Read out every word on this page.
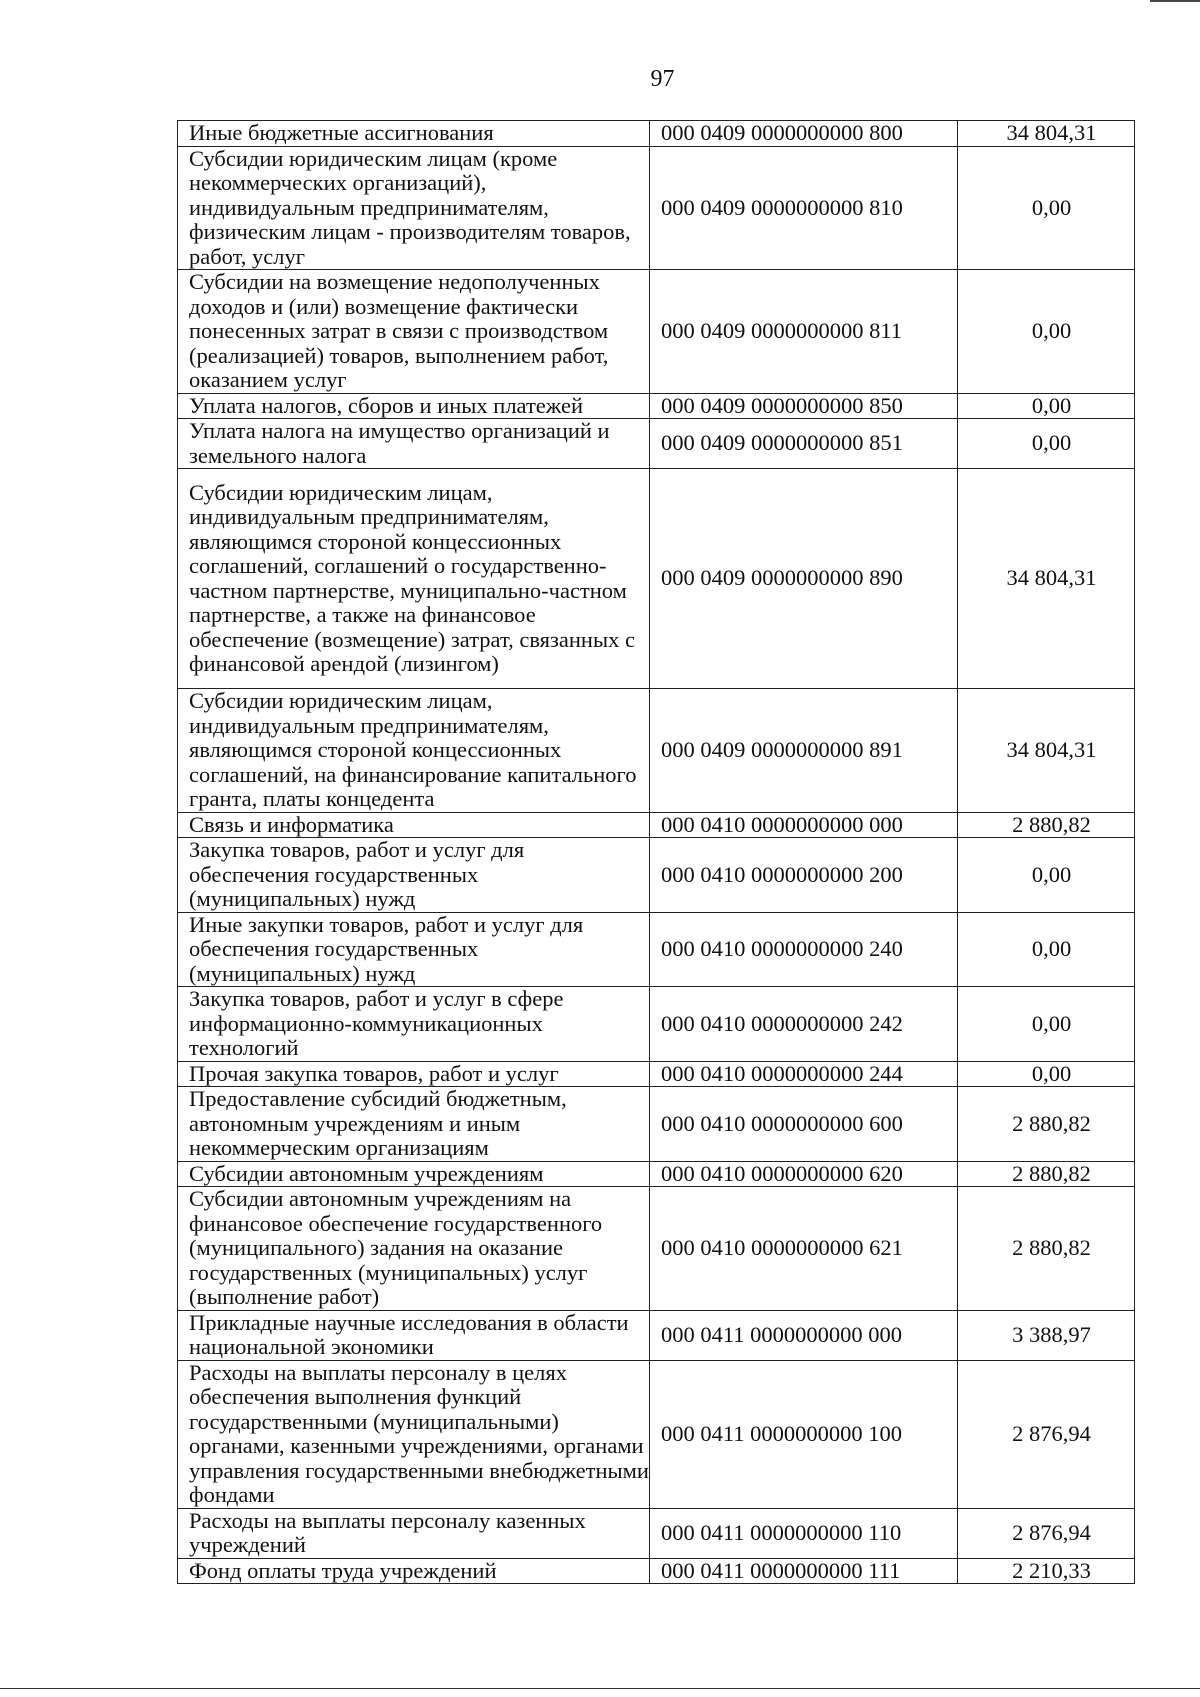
97
Иные бюджетные ассигнования	000 0409 0000000000 800	34 804,31
Субсидии юридическим лицам (кроме некоммерческих организаций), индивидуальным предпринимателям, физическим лицам - производителям товаров, работ, услуг	000 0409 0000000000 810	0,00
Субсидии на возмещение недополученных доходов и (или) возмещение фактически понесенных затрат в связи с производством (реализацией) товаров, выполнением работ, оказанием услуг	000 0409 0000000000 811	0,00
Уплата налогов, сборов и иных платежей	000 0409 0000000000 850	0,00
Уплата налога на имущество организаций и земельного налога	000 0409 0000000000 851	0,00
Субсидии юридическим лицам, индивидуальным предпринимателям, являющимся стороной концессионных соглашений, соглашений о государственно-частном партнерстве, муниципально-частном партнерстве, а также на финансовое обеспечение (возмещение) затрат, связанных с финансовой арендой (лизингом)	000 0409 0000000000 890	34 804,31
Субсидии юридическим лицам, индивидуальным предпринимателям, являющимся стороной концессионных соглашений, на финансирование капитального гранта, платы концедента	000 0409 0000000000 891	34 804,31
Связь и информатика	000 0410 0000000000 000	2 880,82
Закупка товаров, работ и услуг для обеспечения государственных (муниципальных) нужд	000 0410 0000000000 200	0,00
Иные закупки товаров, работ и услуг для обеспечения государственных (муниципальных) нужд	000 0410 0000000000 240	0,00
Закупка товаров, работ и услуг в сфере информационно-коммуникационных технологий	000 0410 0000000000 242	0,00
Прочая закупка товаров, работ и услуг	000 0410 0000000000 244	0,00
Предоставление субсидий бюджетным, автономным учреждениям и иным некоммерческим организациям	000 0410 0000000000 600	2 880,82
Субсидии автономным учреждениям	000 0410 0000000000 620	2 880,82
Субсидии автономным учреждениям на финансовое обеспечение государственного (муниципального) задания на оказание государственных (муниципальных) услуг (выполнение работ)	000 0410 0000000000 621	2 880,82
Прикладные научные исследования в области национальной экономики	000 0411 0000000000 000	3 388,97
Расходы на выплаты персоналу в целях обеспечения выполнения функций государственными (муниципальными) органами, казенными учреждениями, органами управления государственными внебюджетными фондами	000 0411 0000000000 100	2 876,94
Расходы на выплаты персоналу казенных учреждений	000 0411 0000000000 110	2 876,94
Фонд оплаты труда учреждений	000 0411 0000000000 111	2 210,33
